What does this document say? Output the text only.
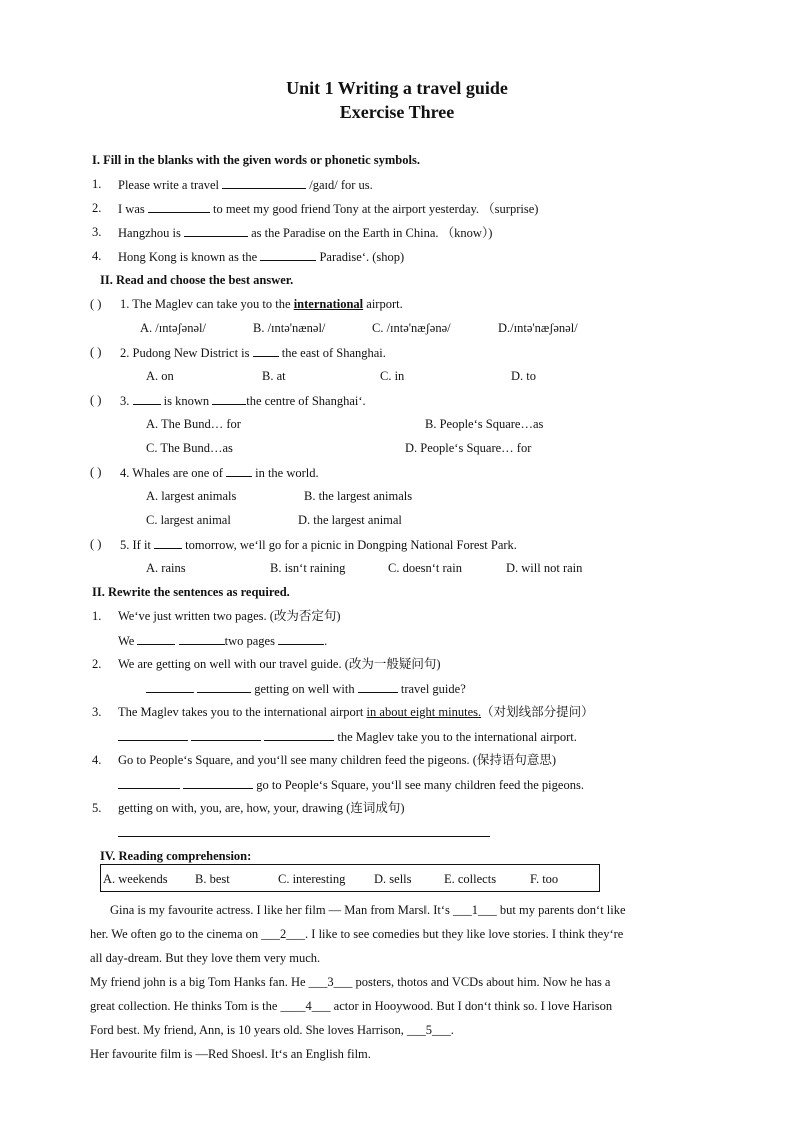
Unit 1 Writing a travel guide
Exercise Three
I. Fill in the blanks with the given words or phonetic symbols.
1. Please write a travel	/gaɪd/ for us.
2. I was	to meet my good friend Tony at the airport yesterday. （surprise)
3. Hangzhou is	as the Paradise on the Earth in China. （know）)
4. Hong Kong is known as the	Paradise‘. (shop)
II. Read and choose the best answer.
( ) 1. The Maglev can take you to the international airport.
A. /ɪntəʃənəl/	B. /ɪntə'nænəl/	C. /ɪntə'næʃənə/	D./ɪntə'næʃənəl/
( ) 2. Pudong New District is	the east of Shanghai.
A. on	B. at	C. in	D. to
( ) 3.	is known	the centre of Shanghai‘.
A. The Bund… for	B. People‘s Square…as
C. The Bund…as	D. People‘s Square… for
( ) 4. Whales are one of	in the world.
A. largest animals	B. the largest animals
C. largest animal	D. the largest animal
( ) 5. If it	tomorrow, we‘ll go for a picnic in Dongping National Forest Park.
A. rains	B. isn‘t raining	C. doesn‘t rain	D. will not rain
II. Rewrite the sentences as required.
1. We‘ve just written two pages. (改为否定句)
We	two pages	.
2. We are getting on well with our travel guide. (改为一般疑问句)
getting on well with	travel guide?
3. The Maglev takes you to the international airport in about eight minutes.（对划线部分提问）
the Maglev take you to the international airport.
4. Go to People‘s Square, and you‘ll see many children feed the pigeons. (保持语句意思)
go to People‘s Square, you‘ll see many children feed the pigeons.
5. getting on with, you, are, how, your, drawing (连词成句)
IV. Reading comprehension:
A. weekends B. best	C. interesting D. sells	E. collects	F. too
Gina is my favourite actress. I like her film — Man from Mars‖. It‘s ___1___ but my parents don‘t like
her. We often go to the cinema on ___2___. I like to see comedies but they like love stories. I think they‘re
all day-dream. But they love them very much.
My friend john is a big Tom Hanks fan. He ___3___ posters, thotos and VCDs about him. Now he has a
great collection. He thinks Tom is the ____4___ actor in Hooywood. But I don‘t think so. I love Harison
Ford best. My friend, Ann, is 10 years old. She loves Harrison, ___5___.
Her favourite film is —Red Shoes‖. It‘s an English film.
